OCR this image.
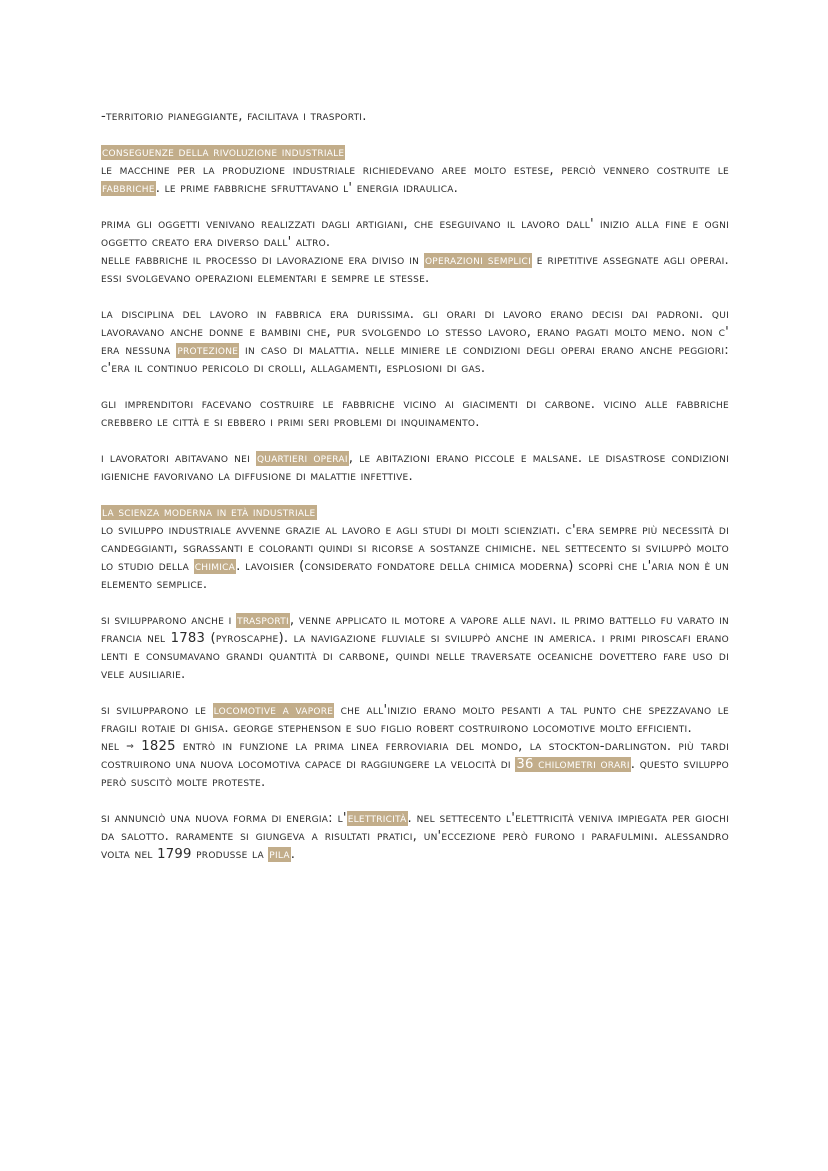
-territorio pianeggiante, facilitava i trasporti.

conseguenze della rivoluzione industriale

le macchine per la produzione industriale richiedevano aree molto estese, perciò vennero costruite le fabbriche. le prime fabbriche sfruttavano l' energia idraulica.

prima gli oggetti venivano realizzati dagli artigiani, che eseguivano il lavoro dall' inizio alla fine e ogni oggetto creato era diverso dall' altro.

nelle fabbriche il processo di lavorazione era diviso in operazioni semplici e ripetitive assegnate agli operai. essi svolgevano operazioni elementari e sempre le stesse.

la disciplina del lavoro in fabbrica era durissima. gli orari di lavoro erano decisi dai padroni. qui lavoravano anche donne e bambini che, pur svolgendo lo stesso lavoro, erano pagati molto meno. non c' era nessuna protezione in caso di malattia. nelle miniere le condizioni degli operai erano anche peggiori: c'era il continuo pericolo di crolli, allagamenti, esplosioni di gas.

gli imprenditori facevano costruire le fabbriche vicino ai giacimenti di carbone. vicino alle fabbriche crebbero le città e si ebbero i primi seri problemi di inquinamento.

i lavoratori abitavano nei quartieri operai, le abitazioni erano piccole e malsane. le disastrose condizioni igieniche favorivano la diffusione di malattie infettive.

la scienza moderna in età industriale

lo sviluppo industriale avvenne grazie al lavoro e agli studi di molti scienziati. c'era sempre più necessità di candeggianti, sgrassanti e coloranti quindi si ricorse a sostanze chimiche. nel settecento si sviluppò molto lo studio della chimica. lavoisier (considerato fondatore della chimica moderna) scoprì che l'aria non è un elemento semplice.

si svilupparono anche i trasporti, venne applicato il motore a vapore alle navi. il primo battello fu varato in francia nel 1783 (pyroscaphe). la navigazione fluviale si sviluppò anche in america. i primi piroscafi erano lenti e consumavano grandi quantità di carbone, quindi nelle traversate oceaniche dovettero fare uso di vele ausiliarie.

si svilupparono le locomotive a vapore che all'inizio erano molto pesanti a tal punto che spezzavano le fragili rotaie di ghisa. george stephenson e suo figlio robert costruirono locomotive molto efficienti.

nel ⇒ 1825 entrò in funzione la prima linea ferroviaria del mondo, la stockton-darlington. più tardi costruirono una nuova locomotiva capace di raggiungere la velocità di 36 chilometri orari. questo sviluppo però suscitò molte proteste.

si annunciò una nuova forma di energia: l'elettricità. nel settecento l'elettricità veniva impiegata per giochi da salotto. raramente si giungeva a risultati pratici, un'eccezione però furono i parafulmini. alessandro volta nel 1799 produsse la pila.
